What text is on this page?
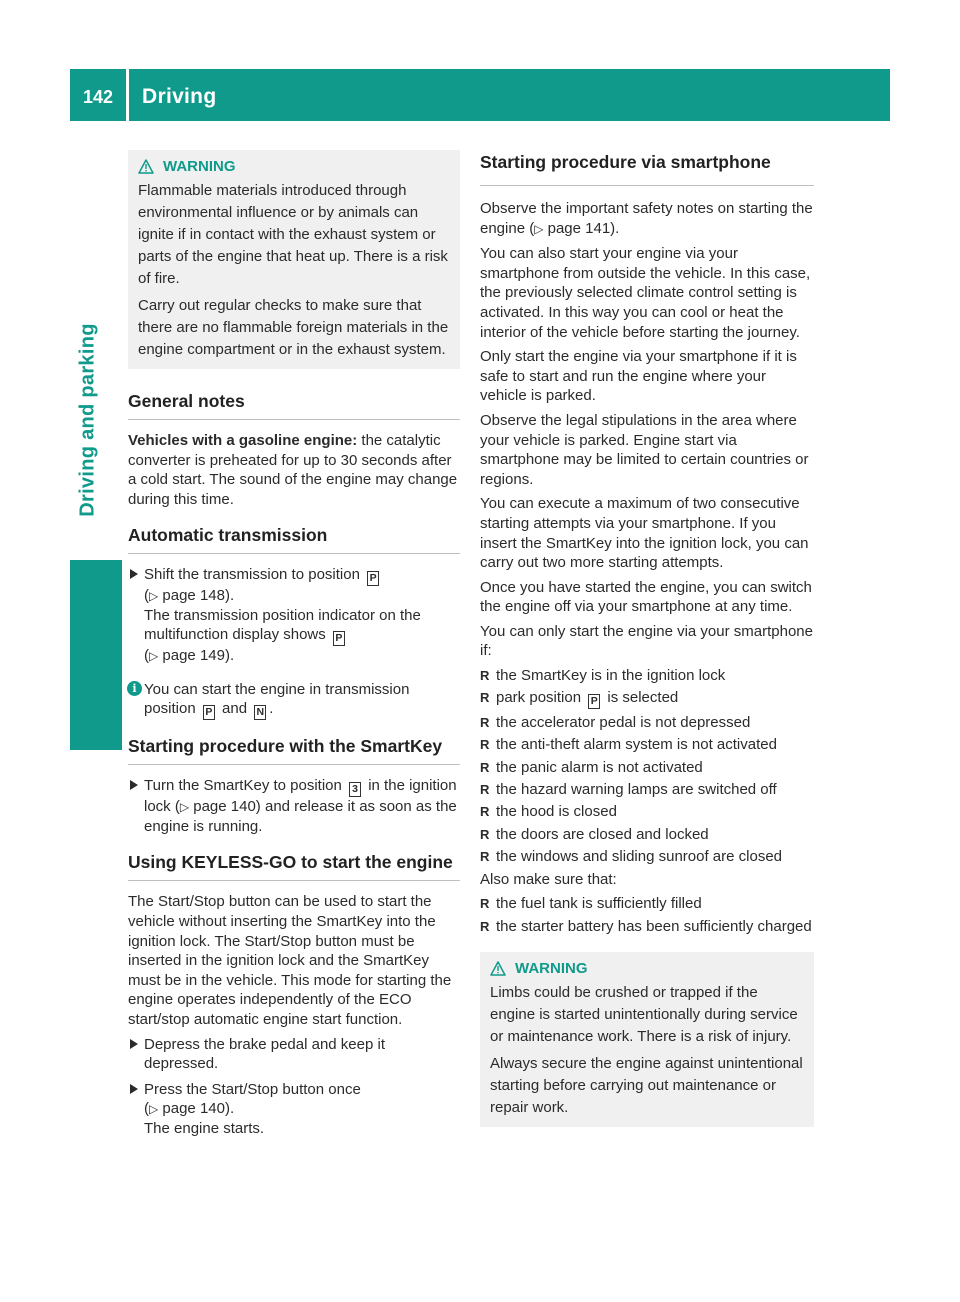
142	Driving
Driving and parking
WARNING

Flammable materials introduced through environmental influence or by animals can ignite if in contact with the exhaust system or parts of the engine that heat up. There is a risk of fire.

Carry out regular checks to make sure that there are no flammable foreign materials in the engine compartment or in the exhaust system.

General notes
Vehicles with a gasoline engine: the catalytic converter is preheated for up to 30 seconds after a cold start. The sound of the engine may change during this time.
Automatic transmission
Shift the transmission to position P
(▷ page 148).
The transmission position indicator on the multifunction display shows P
(▷ page 149).
i You can start the engine in transmission position P and N .
Starting procedure with the SmartKey
Turn the SmartKey to position 3 in the ignition lock (▷ page 140) and release it as soon as the engine is running.
Using KEYLESS-GO to start the engine
The Start/Stop button can be used to start the vehicle without inserting the SmartKey into the ignition lock. The Start/Stop button must be inserted in the ignition lock and the SmartKey must be in the vehicle. This mode for starting the engine operates independently of the ECO start/stop automatic engine start function.
Depress the brake pedal and keep it depressed.
Press the Start/Stop button once
(▷ page 140).
The engine starts.
Starting procedure via smartphone
Observe the important safety notes on starting the engine (▷ page 141).
You can also start your engine via your smartphone from outside the vehicle. In this case, the previously selected climate control setting is activated. In this way you can cool or heat the interior of the vehicle before starting the journey.
Only start the engine via your smartphone if it is safe to start and run the engine where your vehicle is parked.
Observe the legal stipulations in the area where your vehicle is parked. Engine start via smartphone may be limited to certain countries or regions.
You can execute a maximum of two consecutive starting attempts via your smartphone. If you insert the SmartKey into the ignition lock, you can carry out two more starting attempts.
Once you have started the engine, you can switch the engine off via your smartphone at any time.
You can only start the engine via your smartphone if:
R the SmartKey is in the ignition lock
R park position P is selected
R the accelerator pedal is not depressed
R the anti-theft alarm system is not activated
R the panic alarm is not activated
R the hazard warning lamps are switched off
R the hood is closed
R the doors are closed and locked
R the windows and sliding sunroof are closed
Also make sure that:
R the fuel tank is sufficiently filled
R the starter battery has been sufficiently charged
WARNING

Limbs could be crushed or trapped if the engine is started unintentionally during service or maintenance work. There is a risk of injury.

Always secure the engine against unintentional starting before carrying out maintenance or repair work.
